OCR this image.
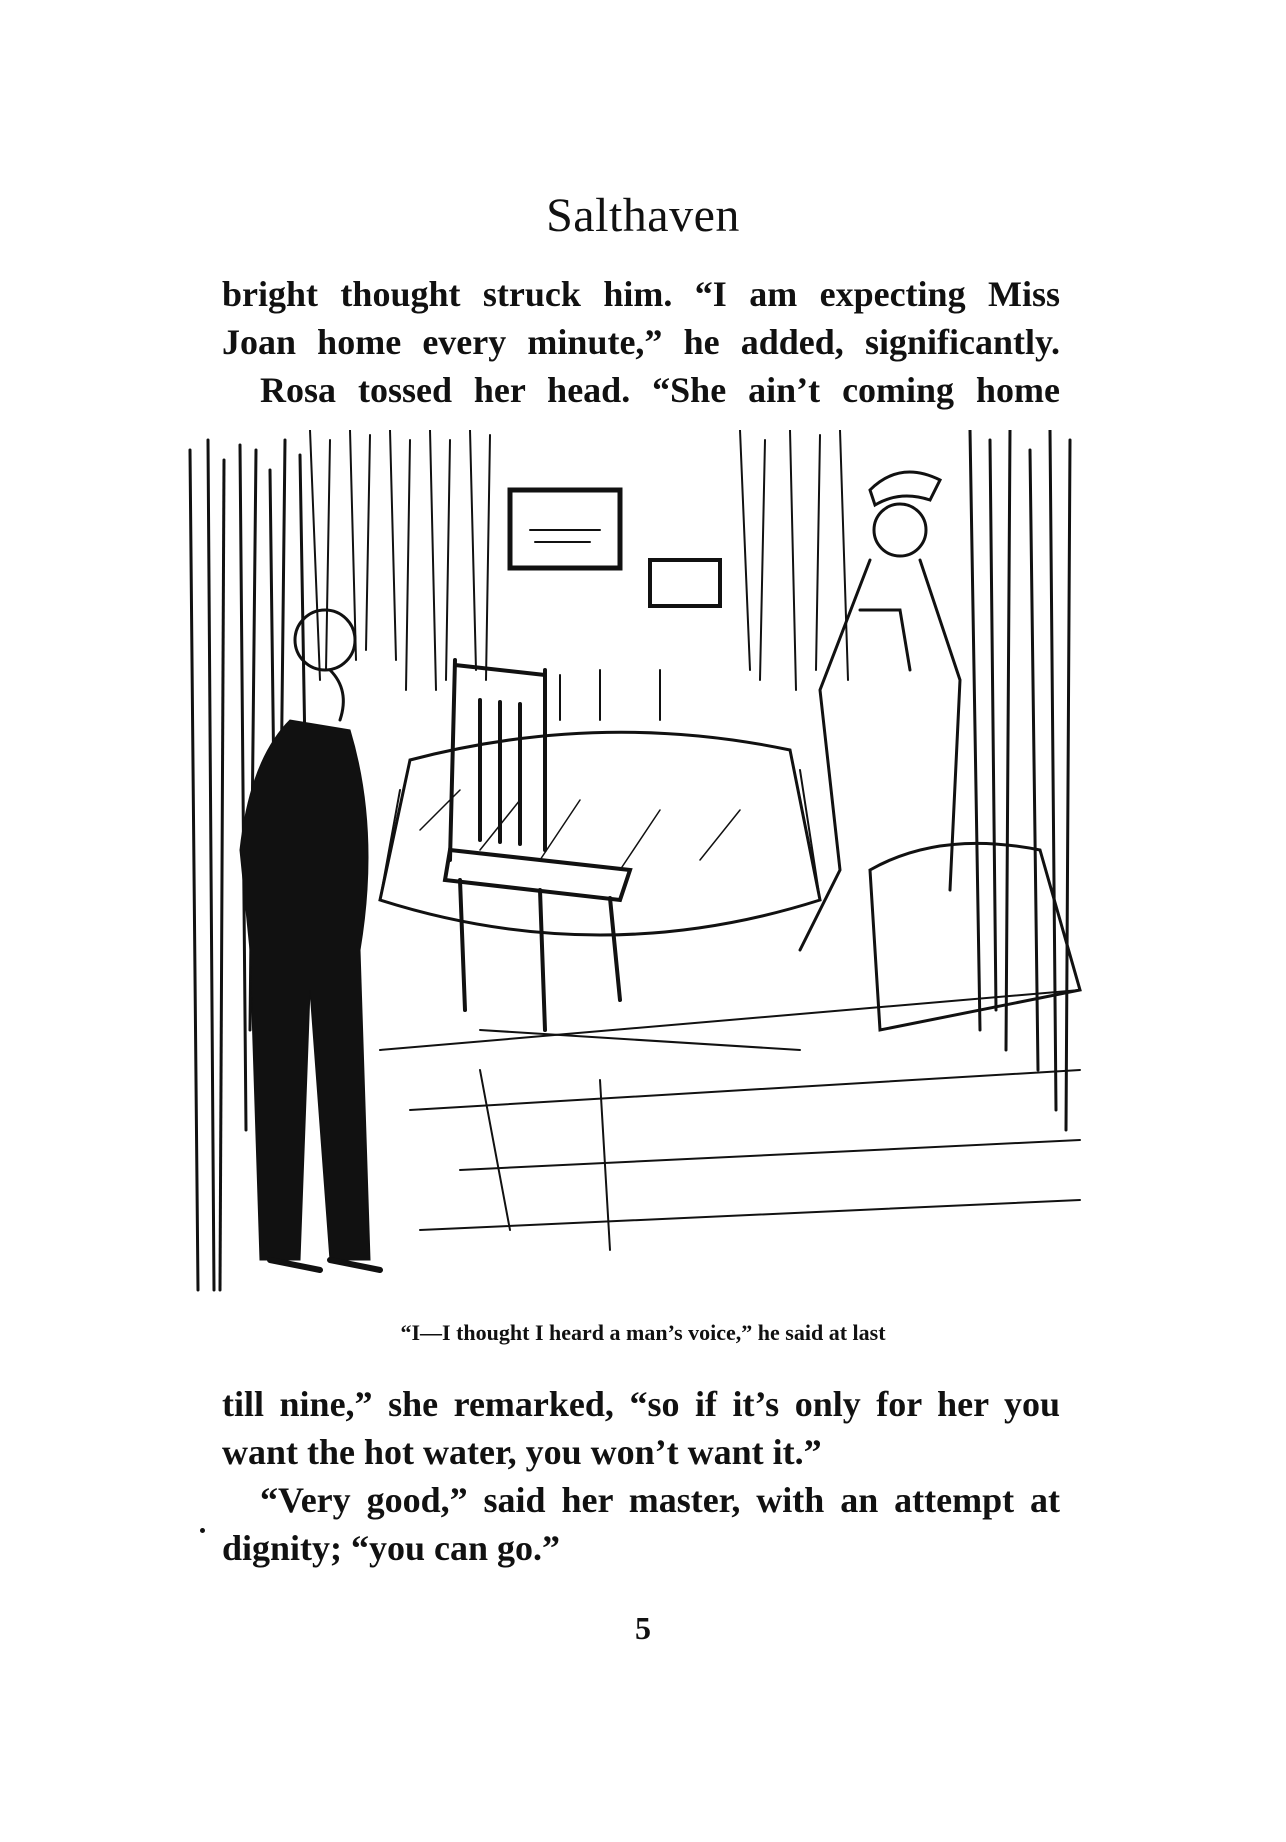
Salthaven
bright thought struck him. “I am expecting Miss
Joan home every minute,” he added, significantly.
Rosa tossed her head. “She ain’t coming home
“I—I thought I heard a man’s voice,” he said at last
till nine,” she remarked, “so if it’s only for her you
want the hot water, you won’t want it.”
“Very good,” said her master, with an attempt at
dignity; “you can go.”
5
